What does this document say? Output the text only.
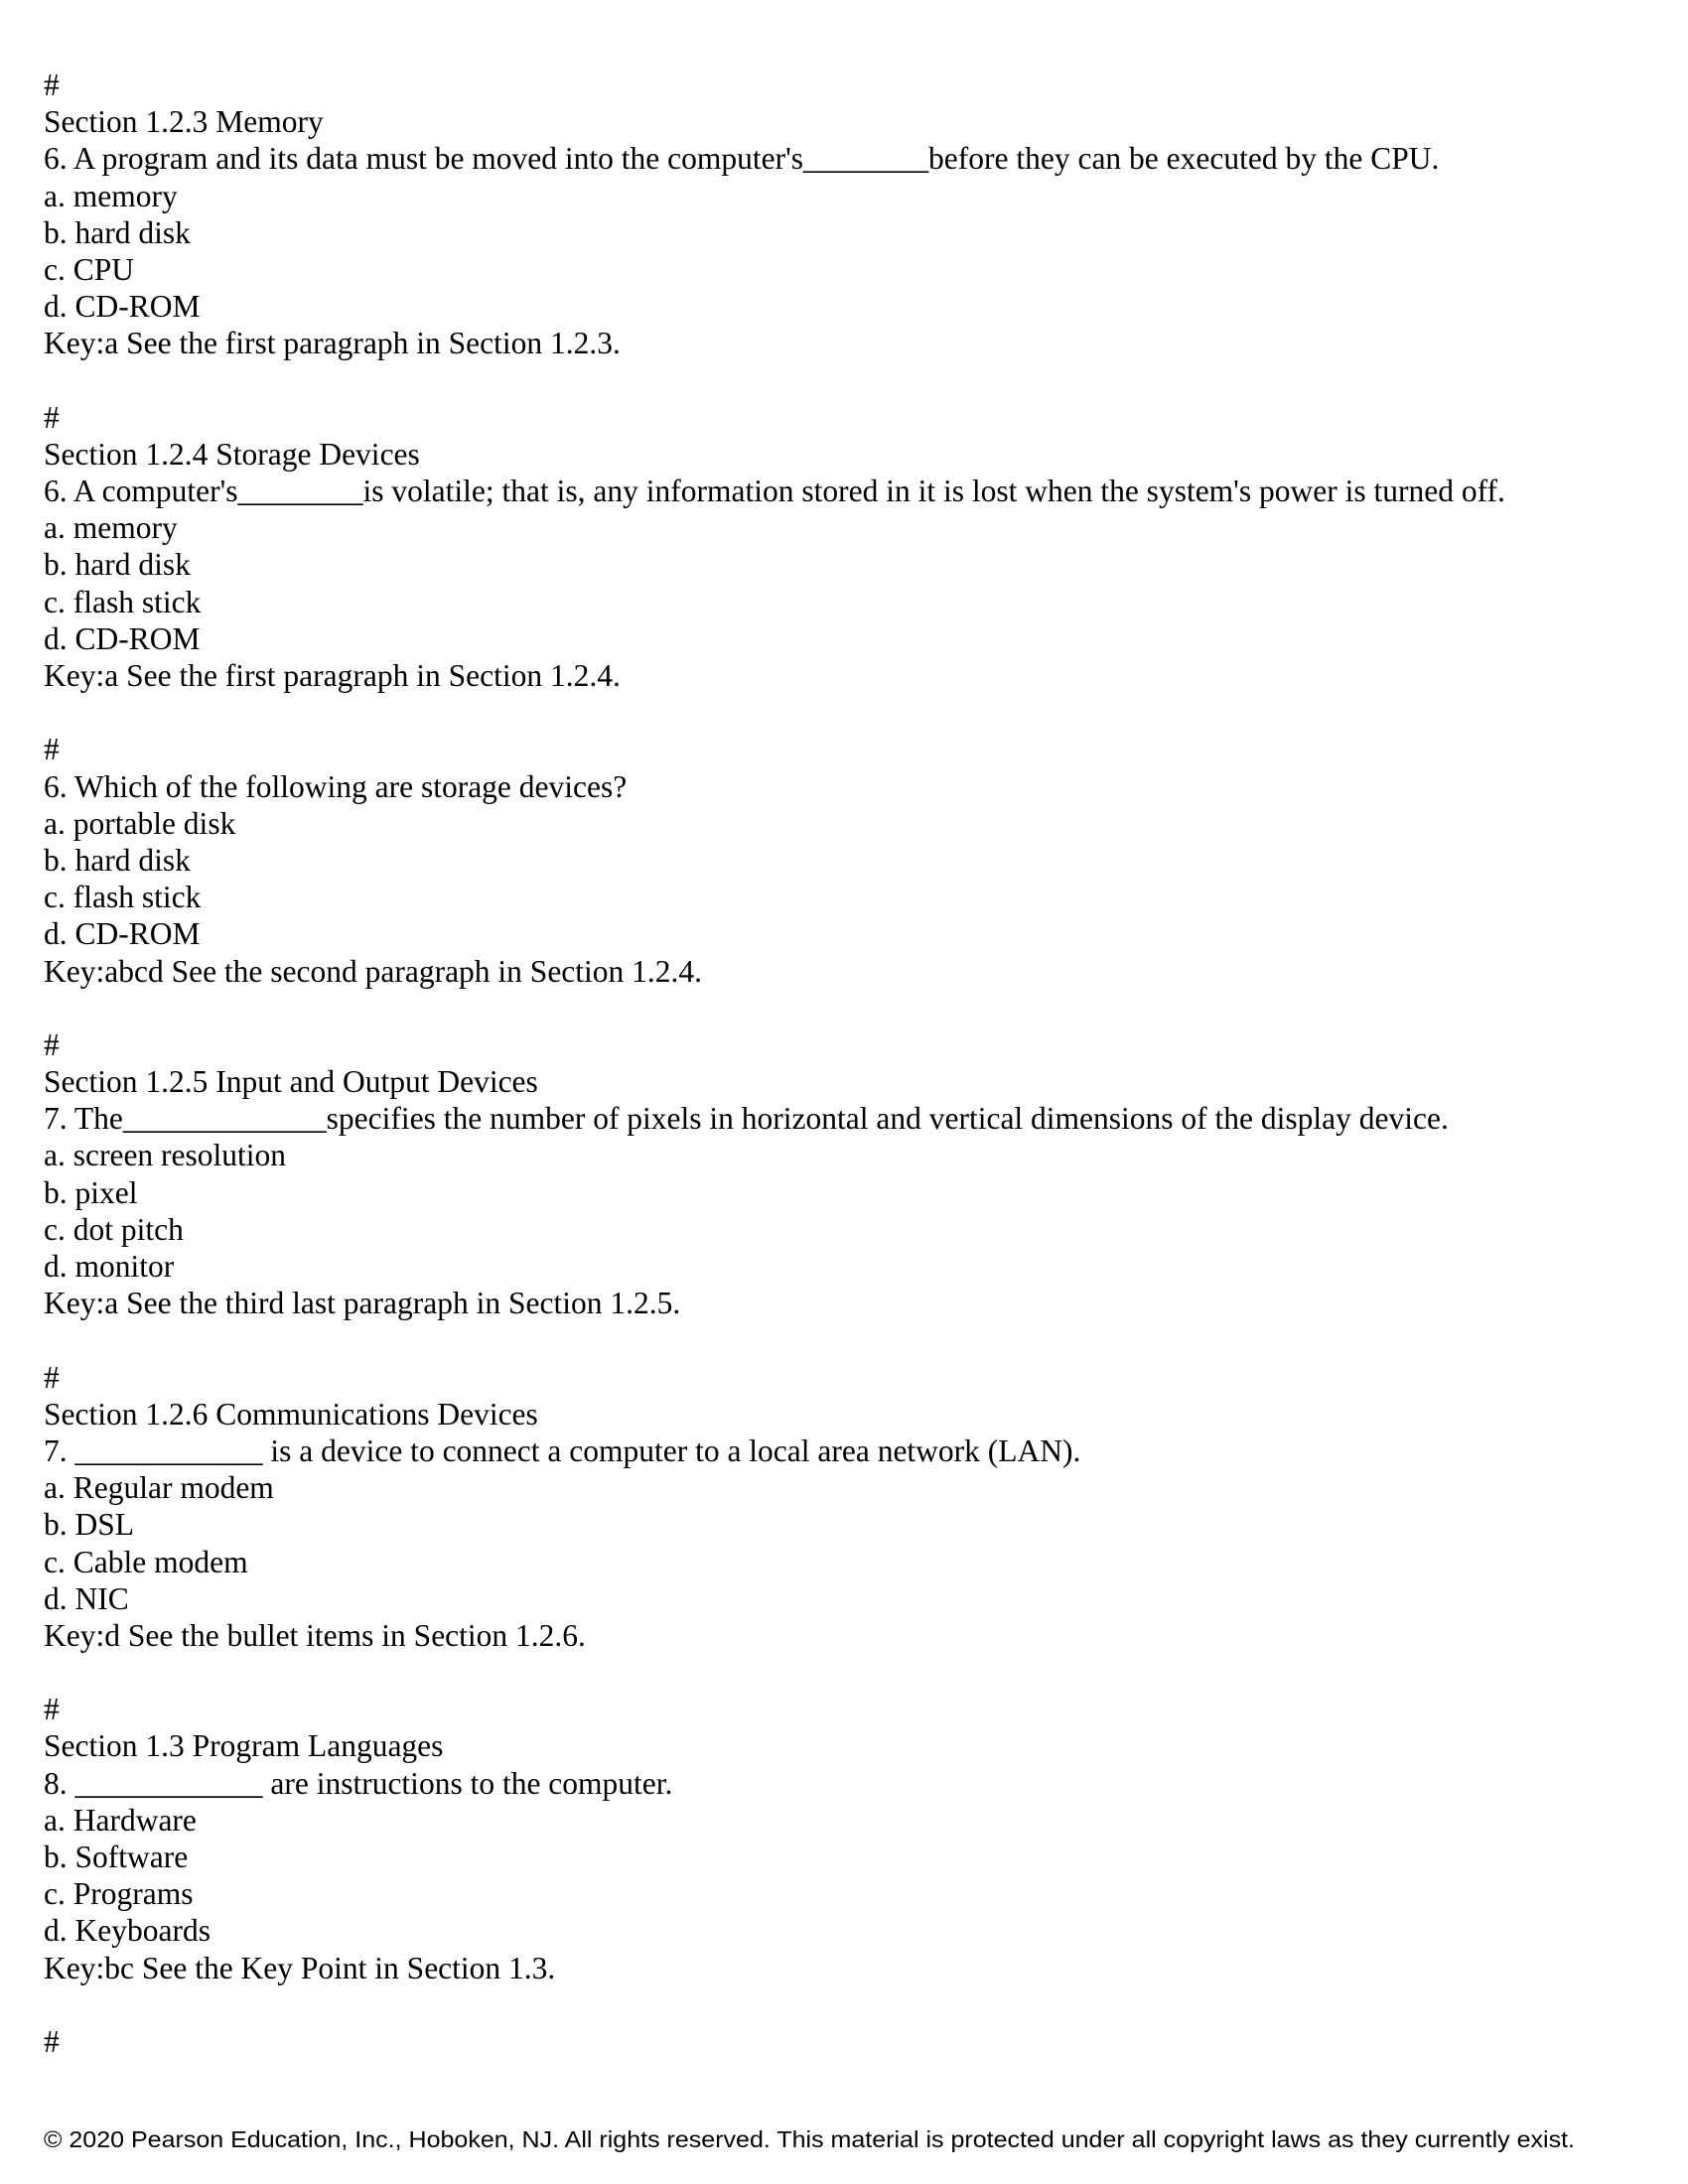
#
Section 1.2.3 Memory
6. A program and its data must be moved into the computer's________before they can be executed by the CPU.
a. memory
b. hard disk
c. CPU
d. CD-ROM
Key:a See the first paragraph in Section 1.2.3.
#
Section 1.2.4 Storage Devices
6. A computer's________is volatile; that is, any information stored in it is lost when the system's power is turned off.
a. memory
b. hard disk
c. flash stick
d. CD-ROM
Key:a See the first paragraph in Section 1.2.4.
#
6. Which of the following are storage devices?
a. portable disk
b. hard disk
c. flash stick
d. CD-ROM
Key:abcd See the second paragraph in Section 1.2.4.
#
Section 1.2.5 Input and Output Devices
7. The_____________specifies the number of pixels in horizontal and vertical dimensions of the display device.
a. screen resolution
b. pixel
c. dot pitch
d. monitor
Key:a See the third last paragraph in Section 1.2.5.
#
Section 1.2.6 Communications Devices
7. ____________ is a device to connect a computer to a local area network (LAN).
a. Regular modem
b. DSL
c. Cable modem
d. NIC
Key:d See the bullet items in Section 1.2.6.
#
Section 1.3 Program Languages
8. ____________ are instructions to the computer.
a. Hardware
b. Software
c. Programs
d. Keyboards
Key:bc See the Key Point in Section 1.3.
#
© 2020 Pearson Education, Inc., Hoboken, NJ. All rights reserved. This material is protected under all copyright laws as they currently exist.
